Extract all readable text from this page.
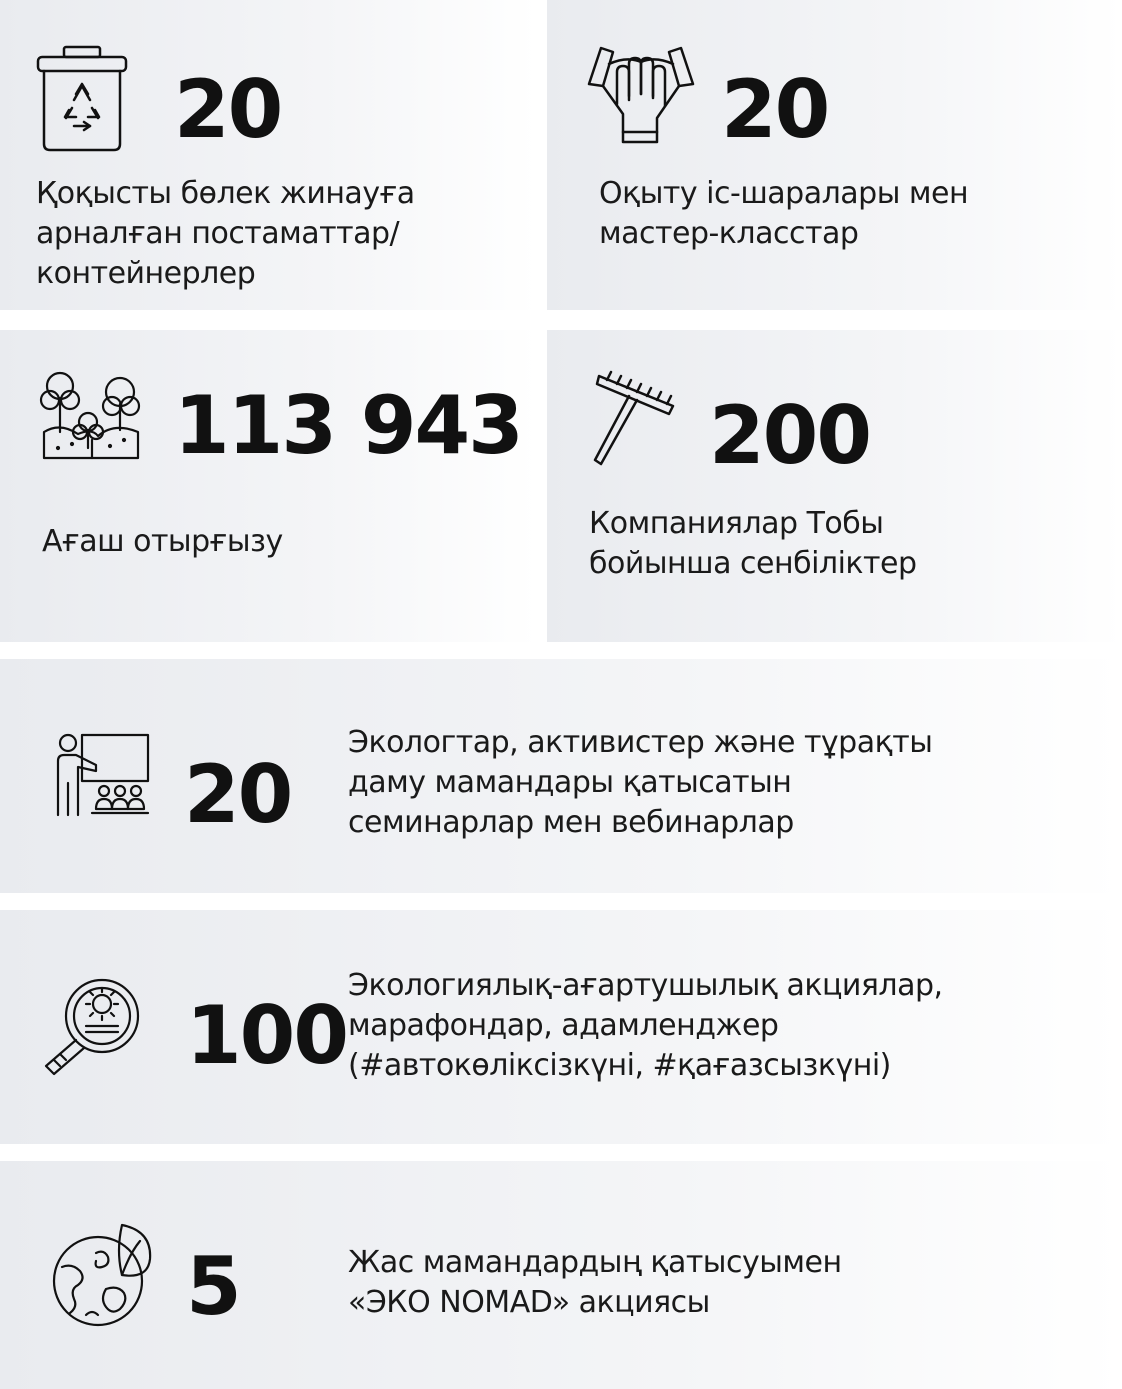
20
Қоқысты бөлек жинауға
арналған постаматтар/
контейнерлер
20
Оқыту іс-шаралары мен
мастер-класстар
113 943
Ағаш отырғызу
200
Компаниялар Тобы
бойынша сенбіліктер
20
Экологтар, активистер және тұрақты
даму мамандары қатысатын
семинарлар мен вебинарлар
100
Экологиялық-ағартушылық акциялар,
марафондар, адамленджер
(#автокөліксізкүні, #қағазсызкүні)
5	Жас мамандардың қатысуымен
«ЭКО NOMAD» акциясы
